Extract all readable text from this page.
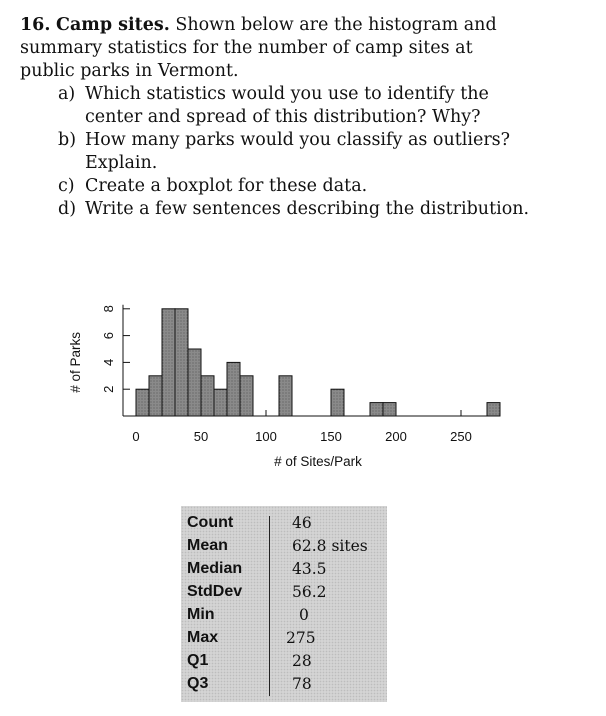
16. Camp sites. Shown below are the histogram and summary statistics for the number of camp sites at public parks in Vermont.
a) Which statistics would you use to identify the center and spread of this distribution? Why?
b) How many parks would you classify as outliers? Explain.
c) Create a boxplot for these data.
d) Write a few sentences describing the distribution.
0	50	100	150	200	250
2
4
6
8
# of Parks
# of Sites/Park
Count	46
Mean	62.8 sites
Median	43.5
StdDev	56.2
Min	0
Max	275
Q1	28
Q3	78
